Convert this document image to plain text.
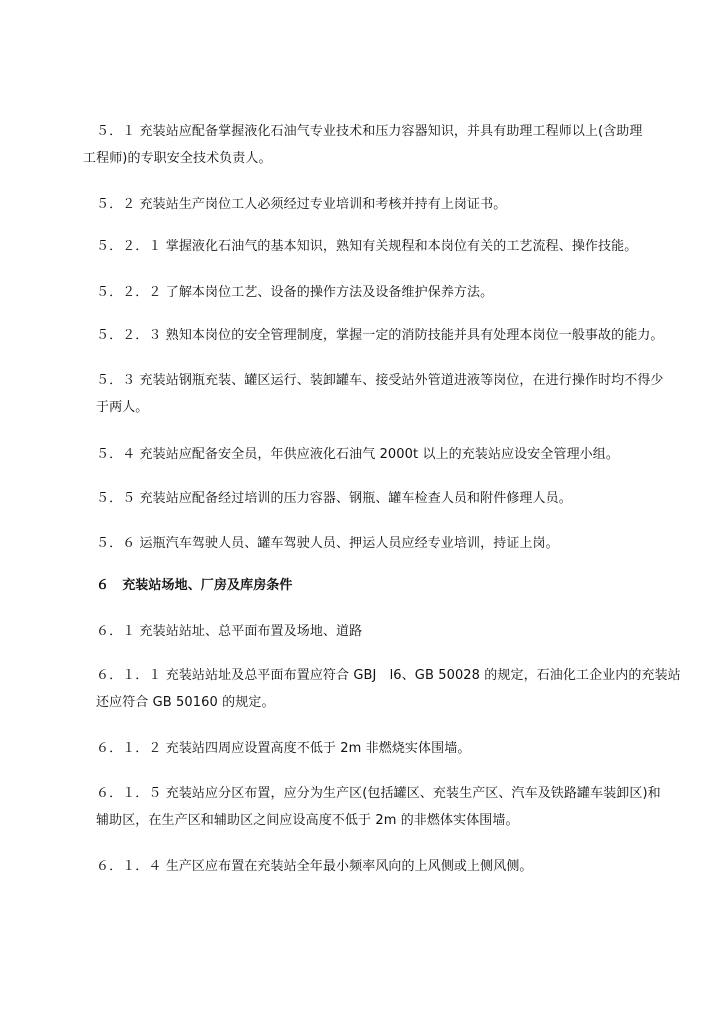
５．１ 充装站应配备掌握液化石油气专业技术和压力容器知识，并具有助理工程师以上(含助理
工程师)的专职安全技术负责人。
５．２ 充装站生产岗位工人必须经过专业培训和考核并持有上岗证书。
５．２．１ 掌握液化石油气的基本知识，熟知有关规程和本岗位有关的工艺流程、操作技能。
５．２．２ 了解本岗位工艺、设备的操作方法及设备维护保养方法。
５．２．３ 熟知本岗位的安全管理制度，掌握一定的消防技能并具有处理本岗位一般事故的能力。
５．３ 充装站钢瓶充装、罐区运行、装卸罐车、接受站外管道进液等岗位，在进行操作时均不得少
于两人。
５．４ 充装站应配备安全员，年供应液化石油气 2000t 以上的充装站应设安全管理小组。
５．５ 充装站应配备经过培训的压力容器、钢瓶、罐车检查人员和附件修理人员。
５．６ 运瓶汽车驾驶人员、罐车驾驶人员、押运人员应经专业培训，持证上岗。
６　充装站场地、厂房及库房条件
６．１ 充装站站址、总平面布置及场地、道路
６．１．１ 充装站站址及总平面布置应符合 GBJ　l6、GB 50028 的规定，石油化工企业内的充装站
还应符合 GB 50160 的规定。
６．１．２ 充装站四周应设置高度不低于 2m 非燃烧实体围墙。
６．１．５ 充装站应分区布置，应分为生产区(包括罐区、充装生产区、汽车及铁路罐车装卸区)和
辅助区，在生产区和辅助区之间应设高度不低于 2m 的非燃体实体围墙。
６．１．４ 生产区应布置在充装站全年最小频率风向的上风侧或上侧风侧。
